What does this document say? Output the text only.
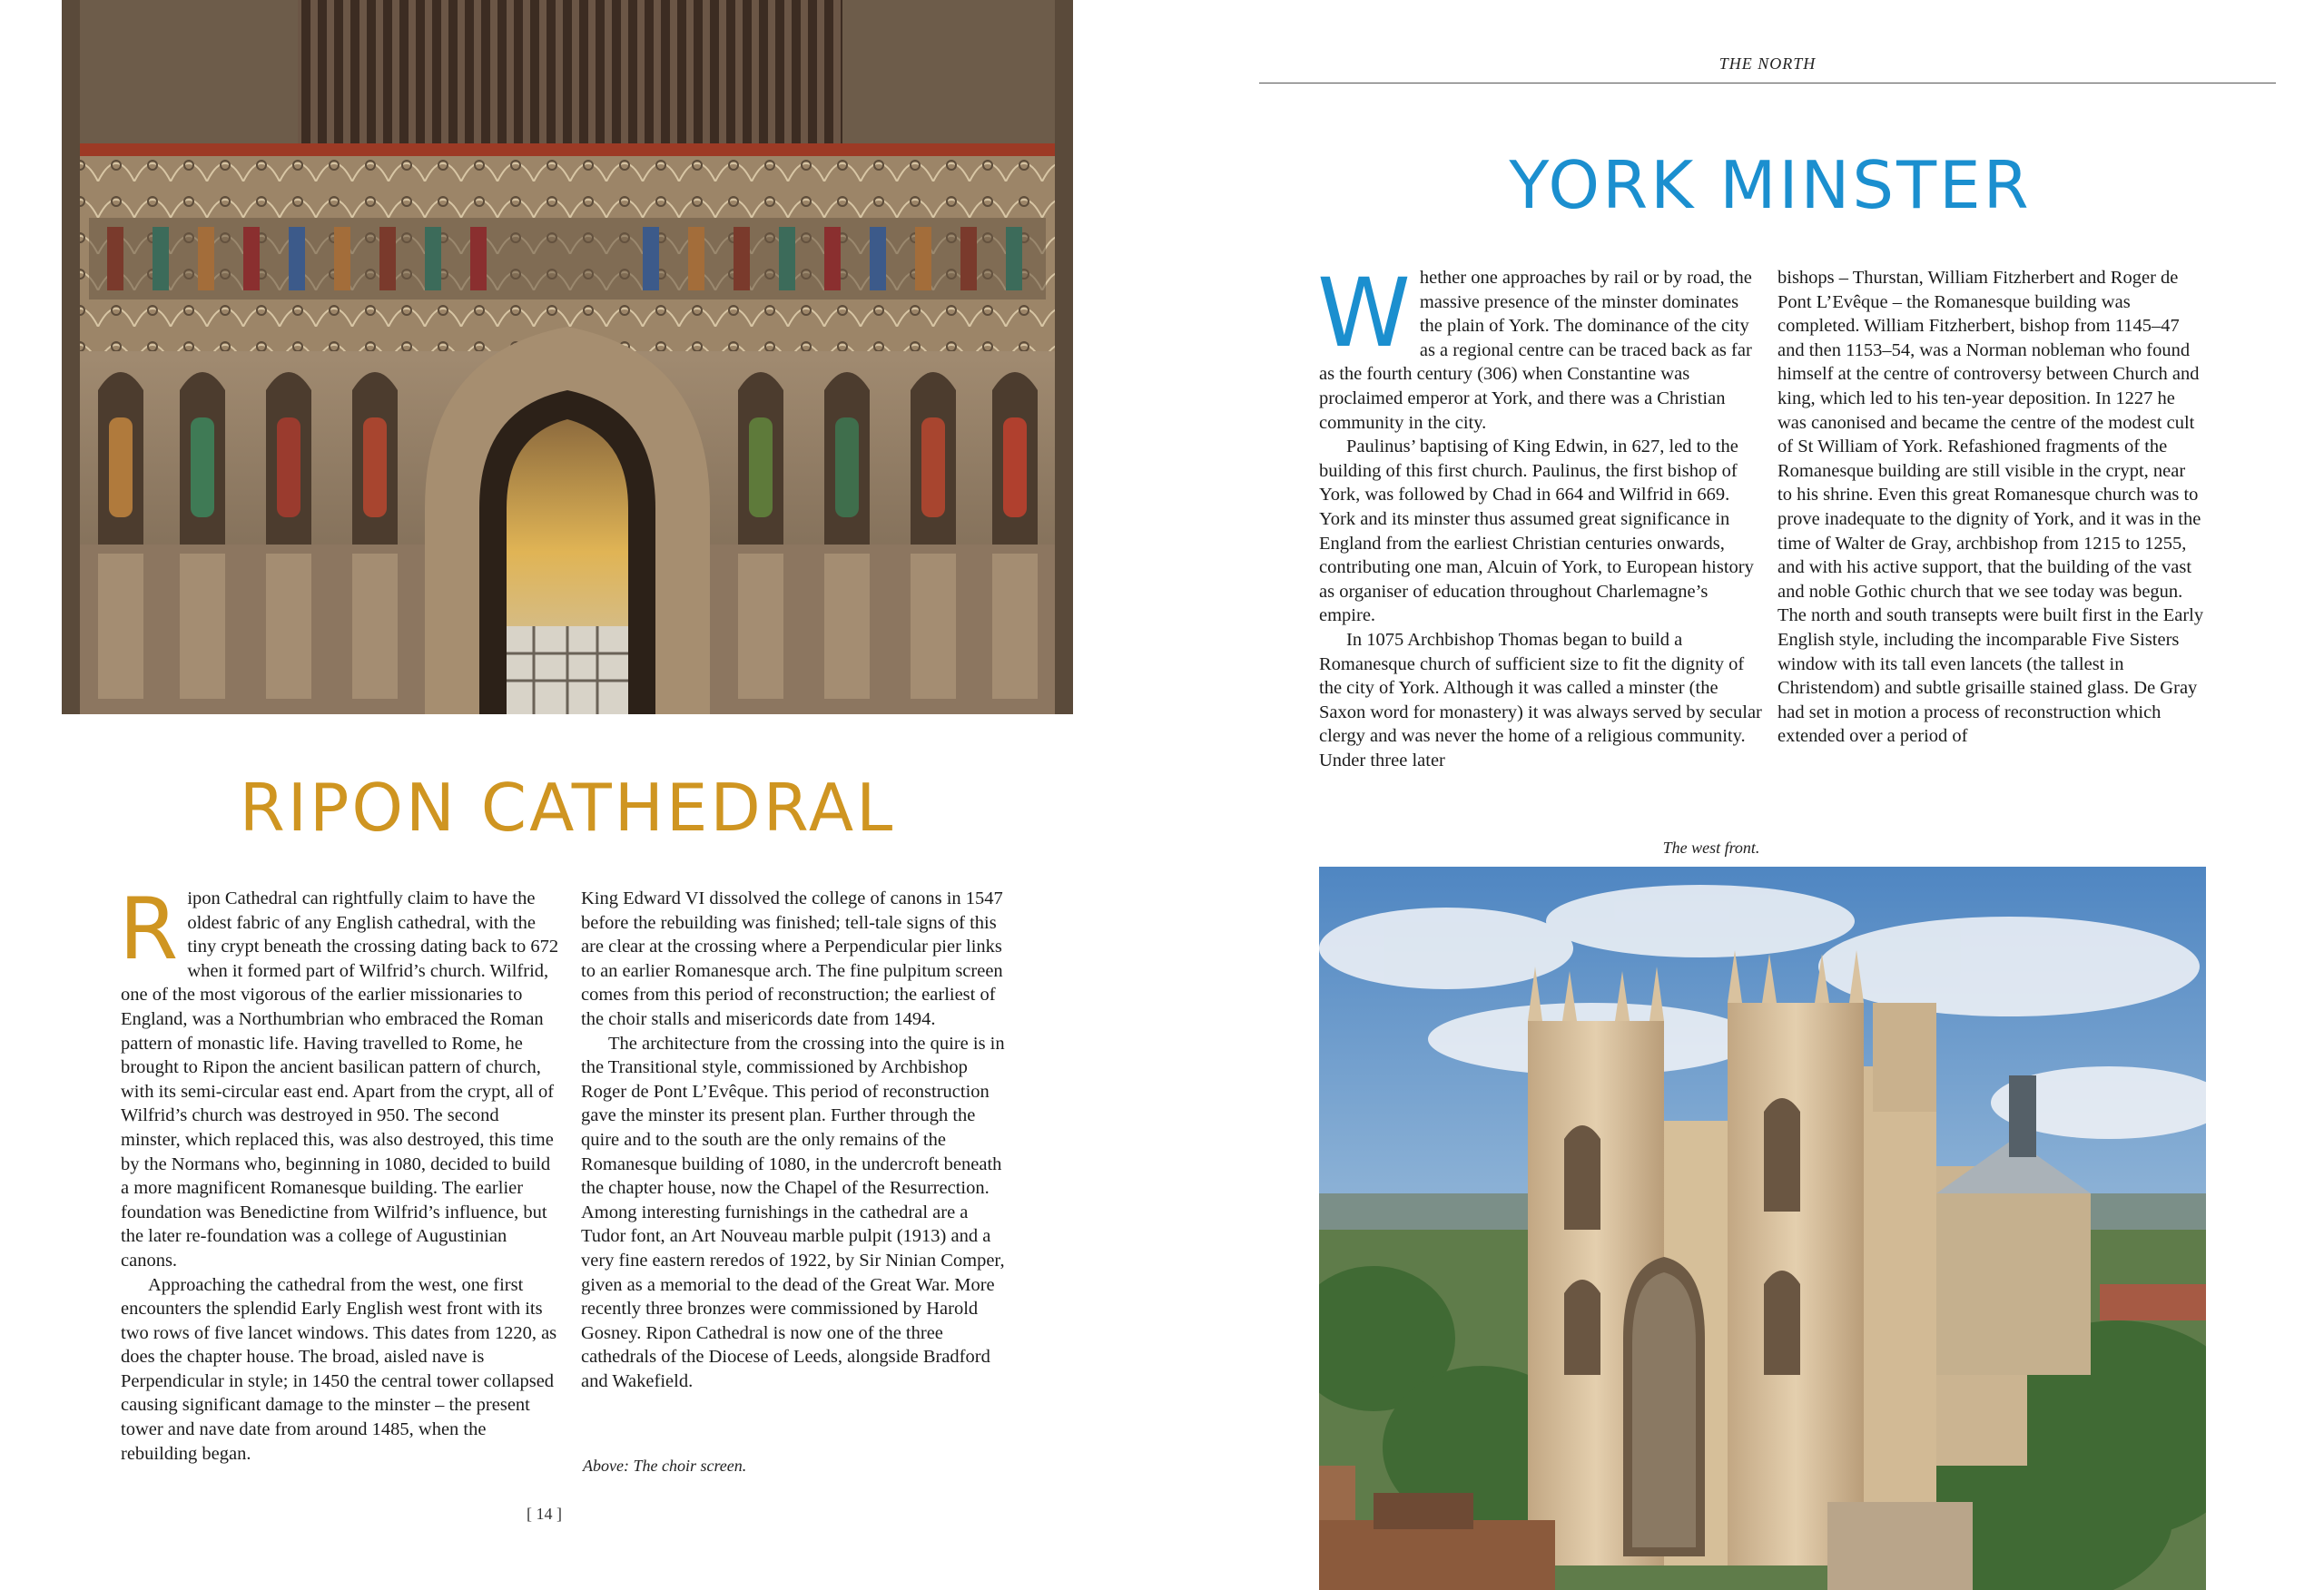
RIPON CATHEDRAL

Ripon Cathedral can rightfully claim to have the oldest fabric of any English cathedral, with the tiny crypt beneath the crossing dating back to 672 when it formed part of Wilfrid’s church. Wilfrid, one of the most vigorous of the earlier missionaries to England, was a Northumbrian who embraced the Roman pattern of monastic life. Having travelled to Rome, he brought to Ripon the ancient basilican pattern of church, with its semi-circular east end. Apart from the crypt, all of Wilfrid’s church was destroyed in 950. The second minster, which replaced this, was also destroyed, this time by the Normans who, beginning in 1080, decided to build a more magnificent Romanesque building. The earlier foundation was Benedictine from Wilfrid’s influence, but the later re-foundation was a college of Augustinian canons.

Approaching the cathedral from the west, one first encounters the splendid Early English west front with its two rows of five lancet windows. This dates from 1220, as does the chapter house. The broad, aisled nave is Perpendicular in style; in 1450 the central tower collapsed causing significant damage to the minster – the present tower and nave date from around 1485, when the rebuilding began.

King Edward VI dissolved the college of canons in 1547 before the rebuilding was finished; tell-tale signs of this are clear at the crossing where a Perpendicular pier links to an earlier Romanesque arch. The fine pulpitum screen comes from this period of reconstruction; the earliest of the choir stalls and misericords date from 1494.

The architecture from the crossing into the quire is in the Transitional style, commissioned by Archbishop Roger de Pont L’Evêque. This period of reconstruction gave the minster its present plan. Further through the quire and to the south are the only remains of the Romanesque building of 1080, in the undercroft beneath the chapter house, now the Chapel of the Resurrection. Among interesting furnishings in the cathedral are a Tudor font, an Art Nouveau marble pulpit (1913) and a very fine eastern reredos of 1922, by Sir Ninian Comper, given as a memorial to the dead of the Great War. More recently three bronzes were commissioned by Harold Gosney. Ripon Cathedral is now one of the three cathedrals of the Diocese of Leeds, alongside Bradford and Wakefield.

Above: The choir screen.
[ 14 ]
THE NORTH
YORK MINSTER

Whether one approaches by rail or by road, the massive presence of the minster dominates the plain of York. The dominance of the city as a regional centre can be traced back as far as the fourth century (306) when Constantine was proclaimed emperor at York, and there was a Christian community in the city.

Paulinus’ baptising of King Edwin, in 627, led to the building of this first church. Paulinus, the first bishop of York, was followed by Chad in 664 and Wilfrid in 669. York and its minster thus assumed great significance in England from the earliest Christian centuries onwards, contributing one man, Alcuin of York, to European history as organiser of education throughout Charlemagne’s empire.

In 1075 Archbishop Thomas began to build a Romanesque church of sufficient size to fit the dignity of the city of York. Although it was called a minster (the Saxon word for monastery) it was always served by secular clergy and was never the home of a religious community. Under three later

bishops – Thurstan, William Fitzherbert and Roger de Pont L’Evêque – the Romanesque building was completed. William Fitzherbert, bishop from 1145–47 and then 1153–54, was a Norman nobleman who found himself at the centre of controversy between Church and king, which led to his ten-year deposition. In 1227 he was canonised and became the centre of the modest cult of St William of York. Refashioned fragments of the Romanesque building are still visible in the crypt, near to his shrine. Even this great Romanesque church was to prove inadequate to the dignity of York, and it was in the time of Walter de Gray, archbishop from 1215 to 1255, and with his active support, that the building of the vast and noble Gothic church that we see today was begun. The north and south transepts were built first in the Early English style, including the incomparable Five Sisters window with its tall even lancets (the tallest in Christendom) and subtle grisaille stained glass. De Gray had set in motion a process of reconstruction which extended over a period of

The west front.
